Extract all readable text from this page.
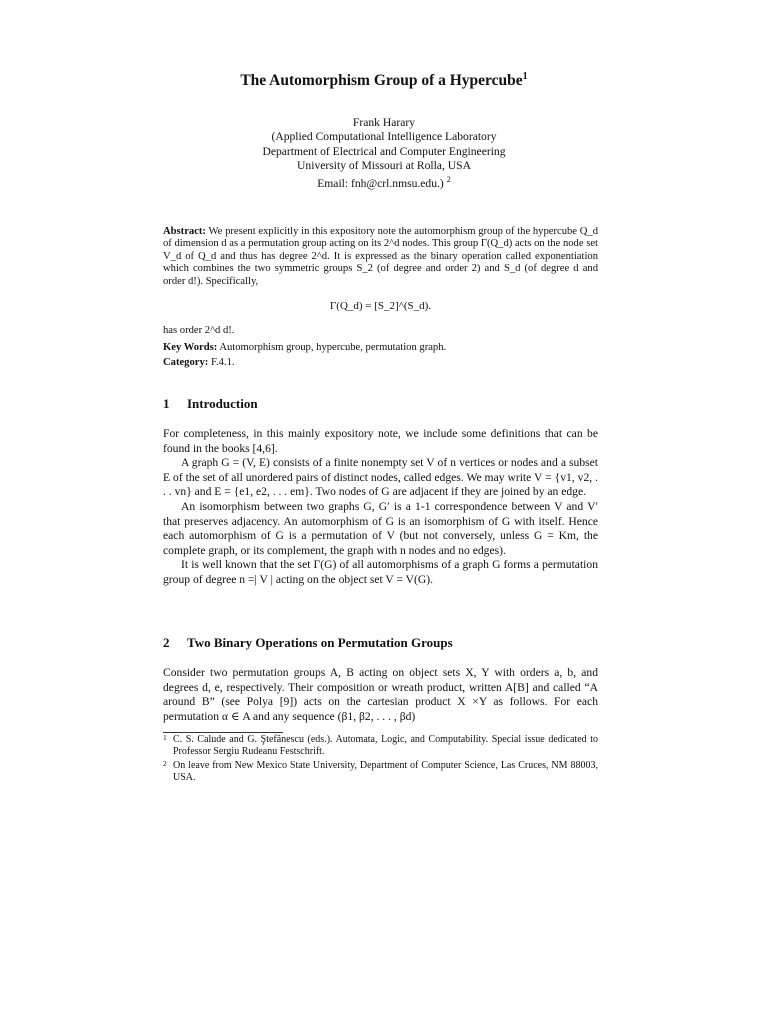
The Automorphism Group of a Hypercube$^1$
Frank Harary
(Applied Computational Intelligence Laboratory
Department of Electrical and Computer Engineering
University of Missouri at Rolla, USA
Email: fnh@crl.nmsu.edu.) $^2$
Abstract: We present explicitly in this expository note the automorphism group of the hypercube Q_d of dimension d as a permutation group acting on its 2^d nodes. This group Γ(Q_d) acts on the node set V_d of Q_d and thus has degree 2^d. It is expressed as the binary operation called exponentiation which combines the two symmetric groups S_2 (of degree and order 2) and S_d (of degree d and order d!). Specifically,
Γ(Q_d) = [S_2]^(S_d).
has order 2^d d!.
Key Words: Automorphism group, hypercube, permutation graph.
Category: F.4.1.
1 Introduction

For completeness, in this mainly expository note, we include some definitions that can be found in the books [4,6].

A graph G = (V, E) consists of a finite nonempty set V of n vertices or nodes and a subset E of the set of all unordered pairs of distinct nodes, called edges. We may write V = {v1, v2, . . . vn} and E = {e1, e2, . . . em}. Two nodes of G are adjacent if they are joined by an edge.

An isomorphism between two graphs G, G′ is a 1-1 correspondence between V and V′ that preserves adjacency. An automorphism of G is an isomorphism of G with itself. Hence each automorphism of G is a permutation of V (but not conversely, unless G = Km, the complete graph, or its complement, the graph with n nodes and no edges).

It is well known that the set Γ(G) of all automorphisms of a graph G forms a permutation group of degree n =| V | acting on the object set V = V(G).

2 Two Binary Operations on Permutation Groups

Consider two permutation groups A, B acting on object sets X, Y with orders a, b, and degrees d, e, respectively. Their composition or wreath product, written A[B] and called “A around B” (see Polya [9]) acts on the cartesian product X ×Y as follows. For each permutation α ∈ A and any sequence (β1, β2, . . . , βd)

1 C. S. Calude and G. Ştefănescu (eds.). Automata, Logic, and Computability. Special issue dedicated to Professor Sergiu Rudeanu Festschrift.
2 On leave from New Mexico State University, Department of Computer Science, Las Cruces, NM 88003, USA.
